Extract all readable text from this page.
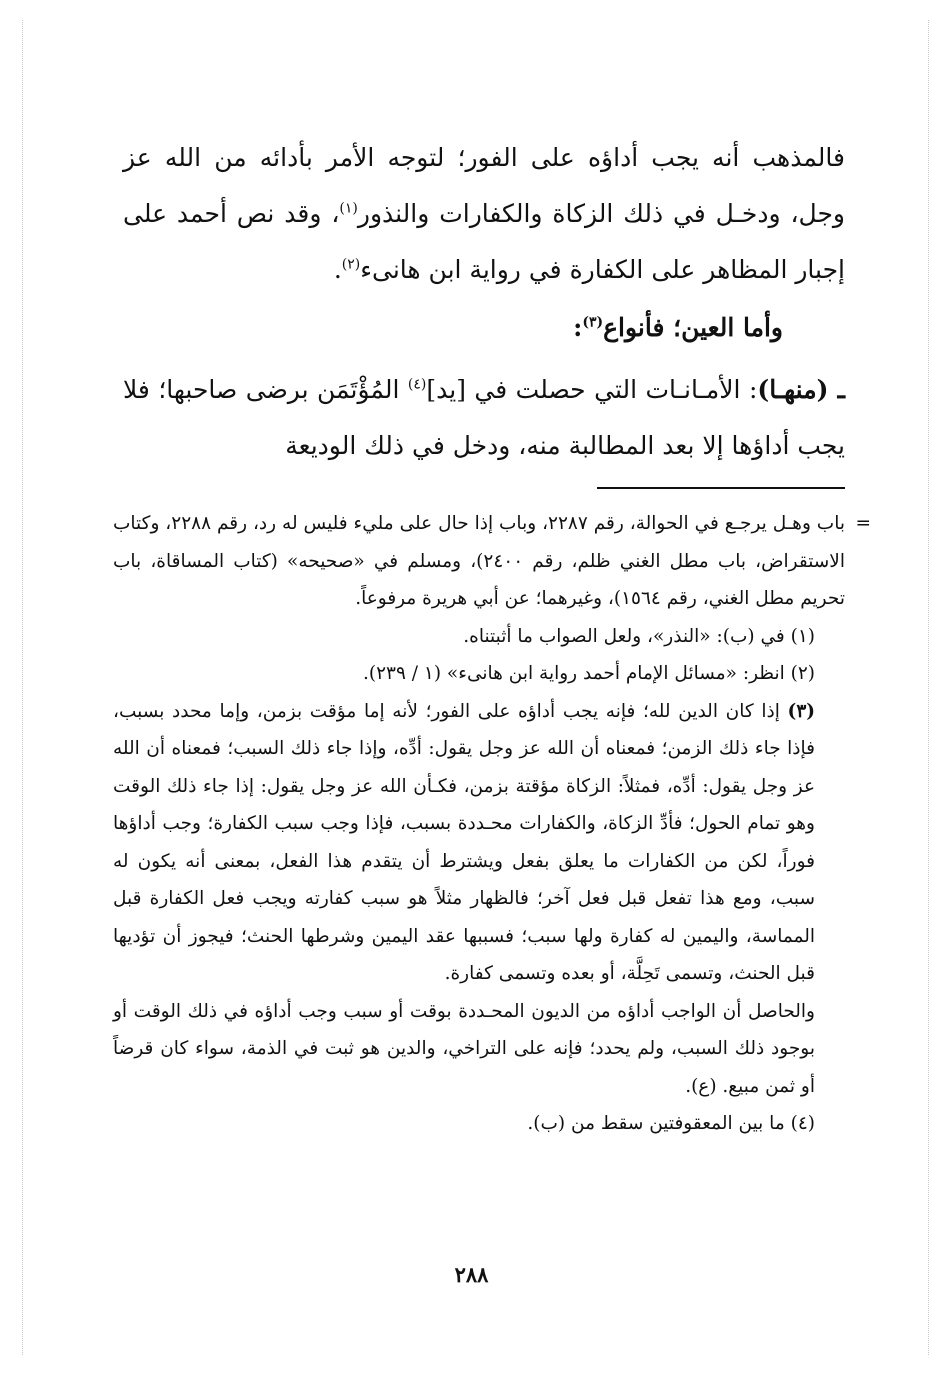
فالمذهب أنه يجب أداؤه على الفور؛ لتوجه الأمر بأدائه من الله عز وجل، ودخـل في ذلك الزكاة والكفارات والنذور$^{(١)}$، وقد نص أحمد على إجبار المظاهر على الكفارة في رواية ابن هانىء$^{(٢)}$.

وأما العين؛ فأنواع$^{(٣)}$:

ـ (منهـا): الأمـانـات التي حصلت في [يد]$^{(٤)}$ المُؤْتَمَن برضى صاحبها؛ فلا يجب أداؤها إلا بعد المطالبة منه، ودخل في ذلك الوديعة

=

باب وهـل يرجـع في الحوالة، رقم ٢٢٨٧، وباب إذا حال على مليء فليس له رد، رقم ٢٢٨٨، وكتاب الاستقراض، باب مطل الغني ظلم، رقم ٢٤٠٠)، ومسلم في «صحيحه» (كتاب المساقاة، باب تحريم مطل الغني، رقم ١٥٦٤)، وغيرهما؛ عن أبي هريرة مرفوعاً.

(١) في (ب): «النذر»، ولعل الصواب ما أثبتناه.

(٢) انظر: «مسائل الإمام أحمد رواية ابن هانىء» (١ / ٢٣٩).

(٣) إذا كان الدين لله؛ فإنه يجب أداؤه على الفور؛ لأنه إما مؤقت بزمن، وإما محدد بسبب، فإذا جاء ذلك الزمن؛ فمعناه أن الله عز وجل يقول: أدِّه، وإذا جاء ذلك السبب؛ فمعناه أن الله عز وجل يقول: أدِّه، فمثلاً: الزكاة مؤقتة بزمن، فكـأن الله عز وجل يقول: إذا جاء ذلك الوقت وهو تمام الحول؛ فأدِّ الزكاة، والكفارات محـددة بسبب، فإذا وجب سبب الكفارة؛ وجب أداؤها فوراً، لكن من الكفارات ما يعلق بفعل ويشترط أن يتقدم هذا الفعل، بمعنى أنه يكون له سبب، ومع هذا تفعل قبل فعل آخر؛ فالظهار مثلاً هو سبب كفارته ويجب فعل الكفارة قبل المماسة، واليمين له كفارة ولها سبب؛ فسببها عقد اليمين وشرطها الحنث؛ فيجوز أن تؤديها قبل الحنث، وتسمى تَحِلَّة، أو بعده وتسمى كفارة.

والحاصل أن الواجب أداؤه من الديون المحـددة بوقت أو سبب وجب أداؤه في ذلك الوقت أو بوجود ذلك السبب، ولم يحدد؛ فإنه على التراخي، والدين هو ثبت في الذمة، سواء كان قرضاً أو ثمن مبيع. (ع).

(٤) ما بين المعقوفتين سقط من (ب).

٢٨٨
